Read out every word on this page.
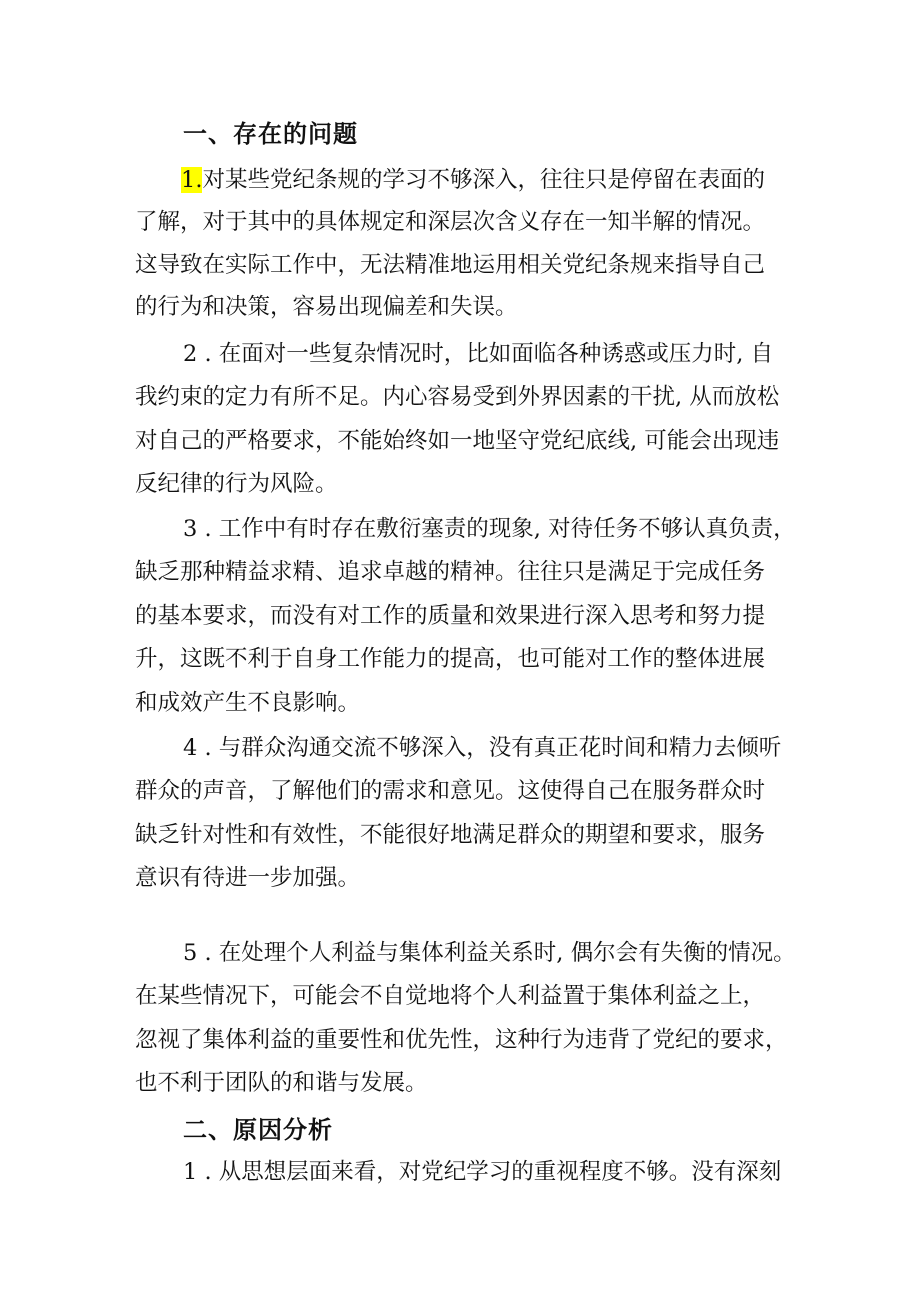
一、存在的问题
1.对某些党纪条规的学习不够深入，往往只是停留在表面的
了解，对于其中的具体规定和深层次含义存在一知半解的情况。
这导致在实际工作中，无法精准地运用相关党纪条规来指导自己
的行为和决策，容易出现偏差和失误。
2 . 在面对一些复杂情况时，比如面临各种诱惑或压力时, 自
我约束的定力有所不足。内心容易受到外界因素的干扰, 从而放松
对自己的严格要求，不能始终如一地坚守党纪底线, 可能会出现违
反纪律的行为风险。
3 . 工作中有时存在敷衍塞责的现象, 对待任务不够认真负责，
缺乏那种精益求精、追求卓越的精神。往往只是满足于完成任务
的基本要求，而没有对工作的质量和效果进行深入思考和努力提
升，这既不利于自身工作能力的提高，也可能对工作的整体进展
和成效产生不良影响。
4 . 与群众沟通交流不够深入，没有真正花时间和精力去倾听
群众的声音，了解他们的需求和意见。这使得自己在服务群众时
缺乏针对性和有效性，不能很好地满足群众的期望和要求，服务
意识有待进一步加强。
5 . 在处理个人利益与集体利益关系时, 偶尔会有失衡的情况。
在某些情况下，可能会不自觉地将个人利益置于集体利益之上，
忽视了集体利益的重要性和优先性，这种行为违背了党纪的要求，
也不利于团队的和谐与发展。
二、原因分析
1 . 从思想层面来看，对党纪学习的重视程度不够。没有深刻
